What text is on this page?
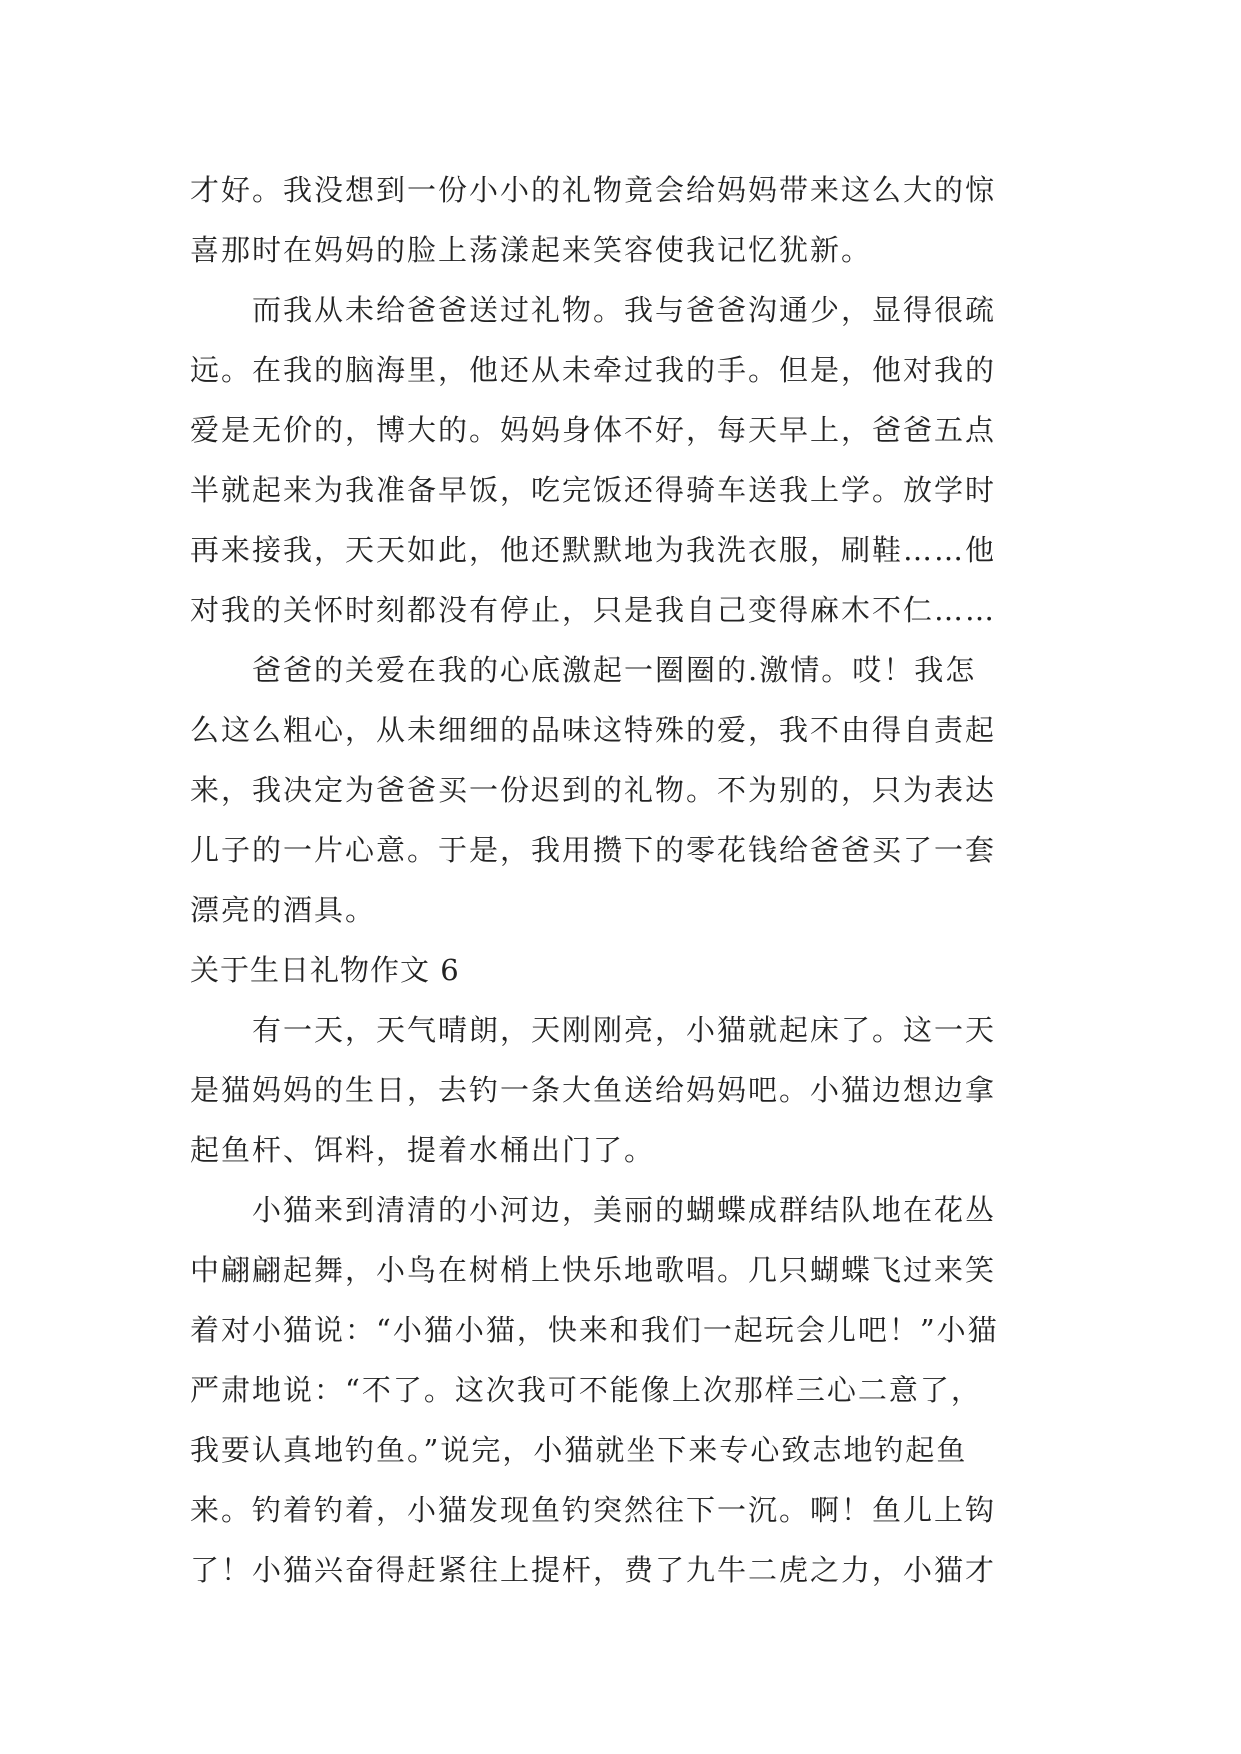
才好。我没想到一份小小的礼物竟会给妈妈带来这么大的惊
喜那时在妈妈的脸上荡漾起来笑容使我记忆犹新。
而我从未给爸爸送过礼物。我与爸爸沟通少，显得很疏
远。在我的脑海里，他还从未牵过我的手。但是，他对我的
爱是无价的，博大的。妈妈身体不好，每天早上，爸爸五点
半就起来为我准备早饭，吃完饭还得骑车送我上学。放学时
再来接我，天天如此，他还默默地为我洗衣服，刷鞋……他
对我的关怀时刻都没有停止，只是我自己变得麻木不仁……
爸爸的关爱在我的心底激起一圈圈的.激情。哎！我怎
么这么粗心，从未细细的品味这特殊的爱，我不由得自责起
来，我决定为爸爸买一份迟到的礼物。不为别的，只为表达
儿子的一片心意。于是，我用攒下的零花钱给爸爸买了一套
漂亮的酒具。
关于生日礼物作文 6
有一天，天气晴朗，天刚刚亮，小猫就起床了。这一天
是猫妈妈的生日，去钓一条大鱼送给妈妈吧。小猫边想边拿
起鱼杆、饵料，提着水桶出门了。
小猫来到清清的小河边，美丽的蝴蝶成群结队地在花丛
中翩翩起舞，小鸟在树梢上快乐地歌唱。几只蝴蝶飞过来笑
着对小猫说：“小猫小猫，快来和我们一起玩会儿吧！”小猫
严肃地说：“不了。这次我可不能像上次那样三心二意了，
我要认真地钓鱼。”说完，小猫就坐下来专心致志地钓起鱼
来。钓着钓着，小猫发现鱼钓突然往下一沉。啊！鱼儿上钩
了！小猫兴奋得赶紧往上提杆，费了九牛二虎之力，小猫才
